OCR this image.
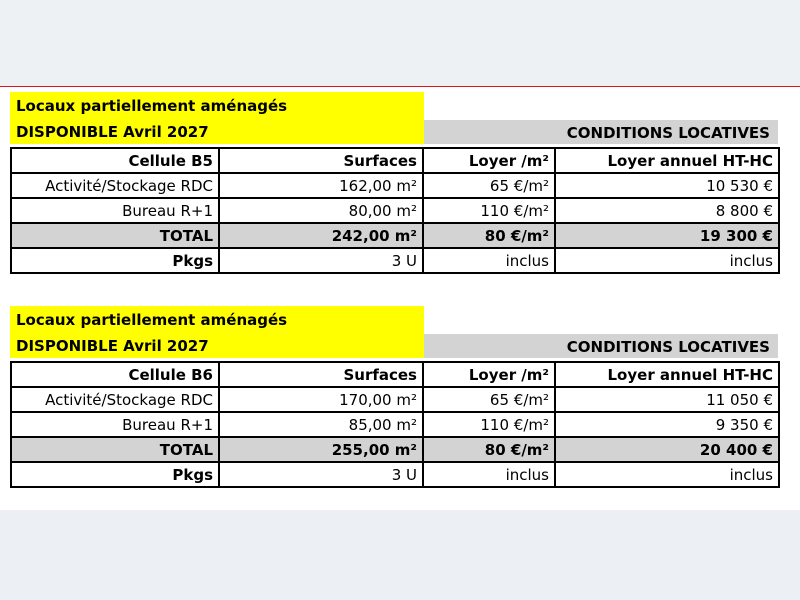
Locaux partiellement aménagés
DISPONIBLE Avril 2027	CONDITIONS LOCATIVES
Cellule B5	Surfaces	Loyer /m²	Loyer annuel HT-HC
Activité/Stockage RDC	162,00 m²	65 €/m²	10 530 €
Bureau R+1	80,00 m²	110 €/m²	8 800 €
TOTAL	242,00 m²	80 €/m²	19 300 €
Pkgs	3 U	inclus	inclus
Locaux partiellement aménagés
DISPONIBLE Avril 2027	CONDITIONS LOCATIVES
Cellule B6	Surfaces	Loyer /m²	Loyer annuel HT-HC
Activité/Stockage RDC	170,00 m²	65 €/m²	11 050 €
Bureau R+1	85,00 m²	110 €/m²	9 350 €
TOTAL	255,00 m²	80 €/m²	20 400 €
Pkgs	3 U	inclus	inclus
